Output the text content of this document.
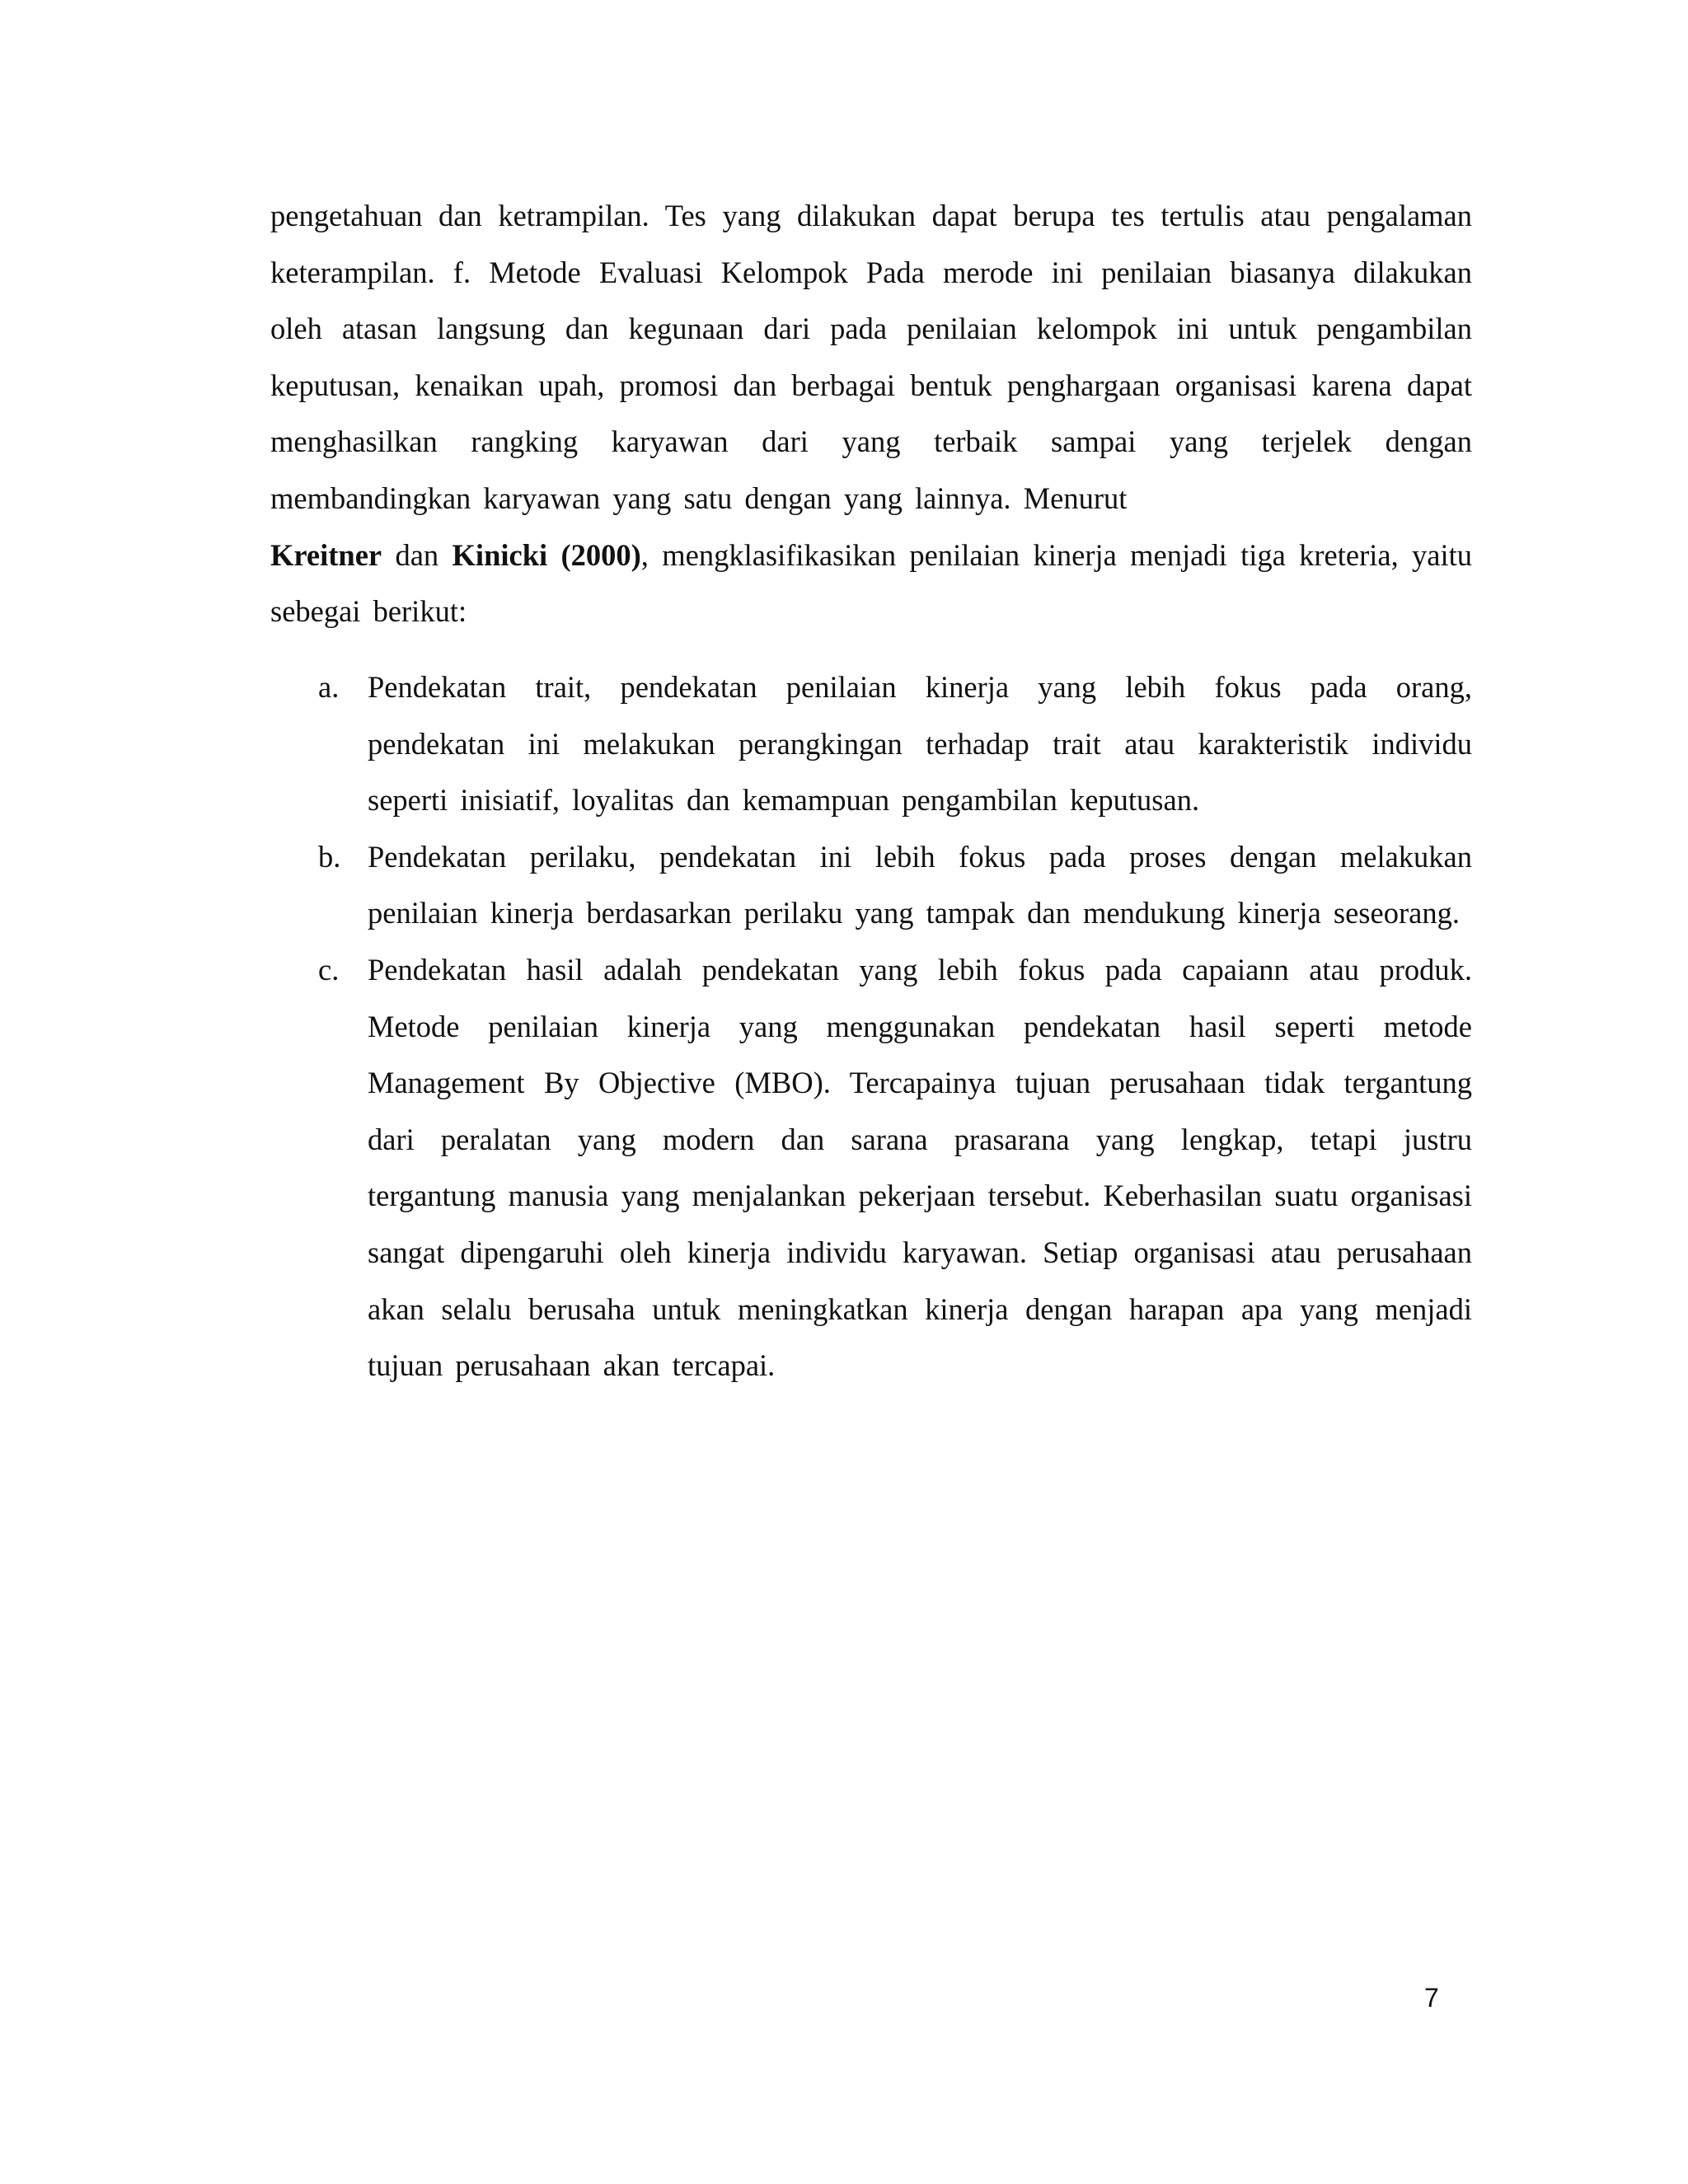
pengetahuan dan ketrampilan. Tes yang dilakukan dapat berupa tes tertulis atau pengalaman keterampilan. f. Metode Evaluasi Kelompok Pada merode ini penilaian biasanya dilakukan oleh atasan langsung dan kegunaan dari pada penilaian kelompok ini untuk pengambilan keputusan, kenaikan upah, promosi dan berbagai bentuk penghargaan organisasi karena dapat menghasilkan rangking karyawan dari yang terbaik sampai yang terjelek dengan membandingkan karyawan yang satu dengan yang lainnya. Menurut
Kreitner dan Kinicki (2000), mengklasifikasikan penilaian kinerja menjadi tiga kreteria, yaitu sebegai berikut:

a. Pendekatan trait, pendekatan penilaian kinerja yang lebih fokus pada orang, pendekatan ini melakukan perangkingan terhadap trait atau karakteristik individu seperti inisiatif, loyalitas dan kemampuan pengambilan keputusan.
b. Pendekatan perilaku, pendekatan ini lebih fokus pada proses dengan melakukan penilaian kinerja berdasarkan perilaku yang tampak dan mendukung kinerja seseorang.
c. Pendekatan hasil adalah pendekatan yang lebih fokus pada capaiann atau produk. Metode penilaian kinerja yang menggunakan pendekatan hasil seperti metode Management By Objective (MBO). Tercapainya tujuan perusahaan tidak tergantung dari peralatan yang modern dan sarana prasarana yang lengkap, tetapi justru tergantung manusia yang menjalankan pekerjaan tersebut. Keberhasilan suatu organisasi sangat dipengaruhi oleh kinerja individu karyawan. Setiap organisasi atau perusahaan akan selalu berusaha untuk meningkatkan kinerja dengan harapan apa yang menjadi tujuan perusahaan akan tercapai.
7
